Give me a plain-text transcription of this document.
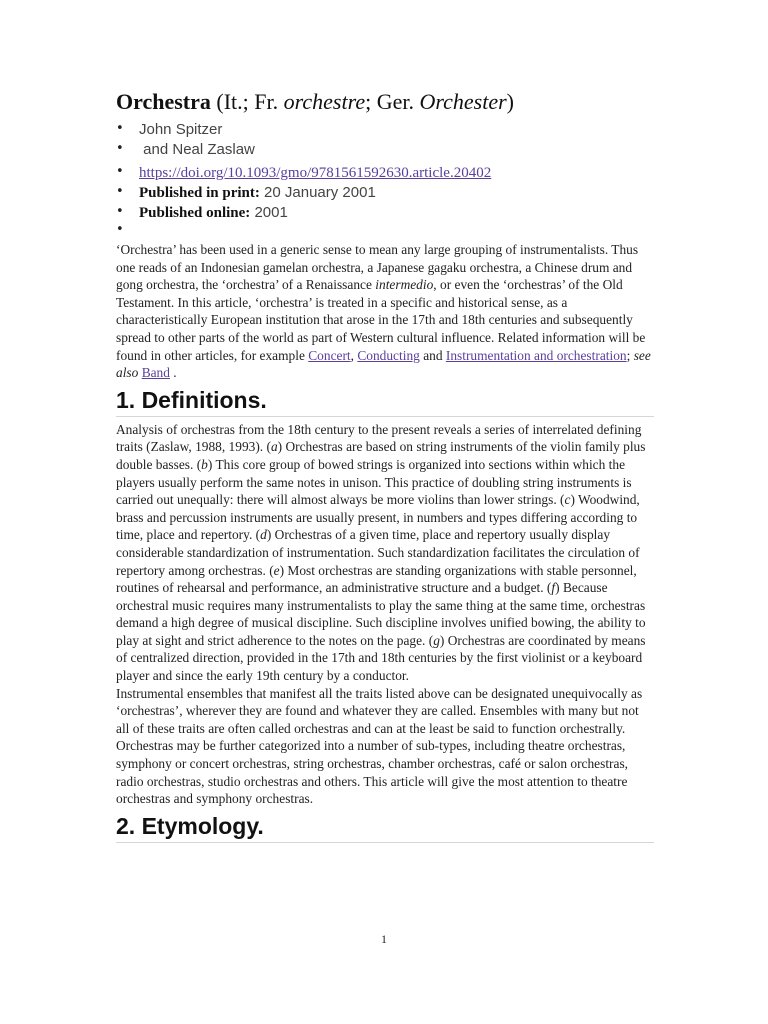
Orchestra (It.; Fr. orchestre; Ger. Orchester)
• John Spitzer
•  and Neal Zaslaw
• https://doi.org/10.1093/gmo/9781561592630.article.20402
• Published in print: 20 January 2001
• Published online: 2001
•

‘Orchestra’ has been used in a generic sense to mean any large grouping of instrumentalists. Thus one reads of an Indonesian gamelan orchestra, a Japanese gagaku orchestra, a Chinese drum and gong orchestra, the ‘orchestra’ of a Renaissance intermedio, or even the ‘orchestras’ of the Old Testament. In this article, ‘orchestra’ is treated in a specific and historical sense, as a characteristically European institution that arose in the 17th and 18th centuries and subsequently spread to other parts of the world as part of Western cultural influence. Related information will be found in other articles, for example Concert, Conducting and Instrumentation and orchestration; see also Band .

1. Definitions.

Analysis of orchestras from the 18th century to the present reveals a series of interrelated defining traits (Zaslaw, 1988, 1993). (a) Orchestras are based on string instruments of the violin family plus double basses. (b) This core group of bowed strings is organized into sections within which the players usually perform the same notes in unison. This practice of doubling string instruments is carried out unequally: there will almost always be more violins than lower strings. (c) Woodwind, brass and percussion instruments are usually present, in numbers and types differing according to time, place and repertory. (d) Orchestras of a given time, place and repertory usually display considerable standardization of instrumentation. Such standardization facilitates the circulation of repertory among orchestras. (e) Most orchestras are standing organizations with stable personnel, routines of rehearsal and performance, an administrative structure and a budget. (f) Because orchestral music requires many instrumentalists to play the same thing at the same time, orchestras demand a high degree of musical discipline. Such discipline involves unified bowing, the ability to play at sight and strict adherence to the notes on the page. (g) Orchestras are coordinated by means of centralized direction, provided in the 17th and 18th centuries by the first violinist or a keyboard player and since the early 19th century by a conductor.

Instrumental ensembles that manifest all the traits listed above can be designated unequivocally as ‘orchestras’, wherever they are found and whatever they are called. Ensembles with many but not all of these traits are often called orchestras and can at the least be said to function orchestrally. Orchestras may be further categorized into a number of sub-types, including theatre orchestras, symphony or concert orchestras, string orchestras, chamber orchestras, café or salon orchestras, radio orchestras, studio orchestras and others. This article will give the most attention to theatre orchestras and symphony orchestras.

2. Etymology.
1
